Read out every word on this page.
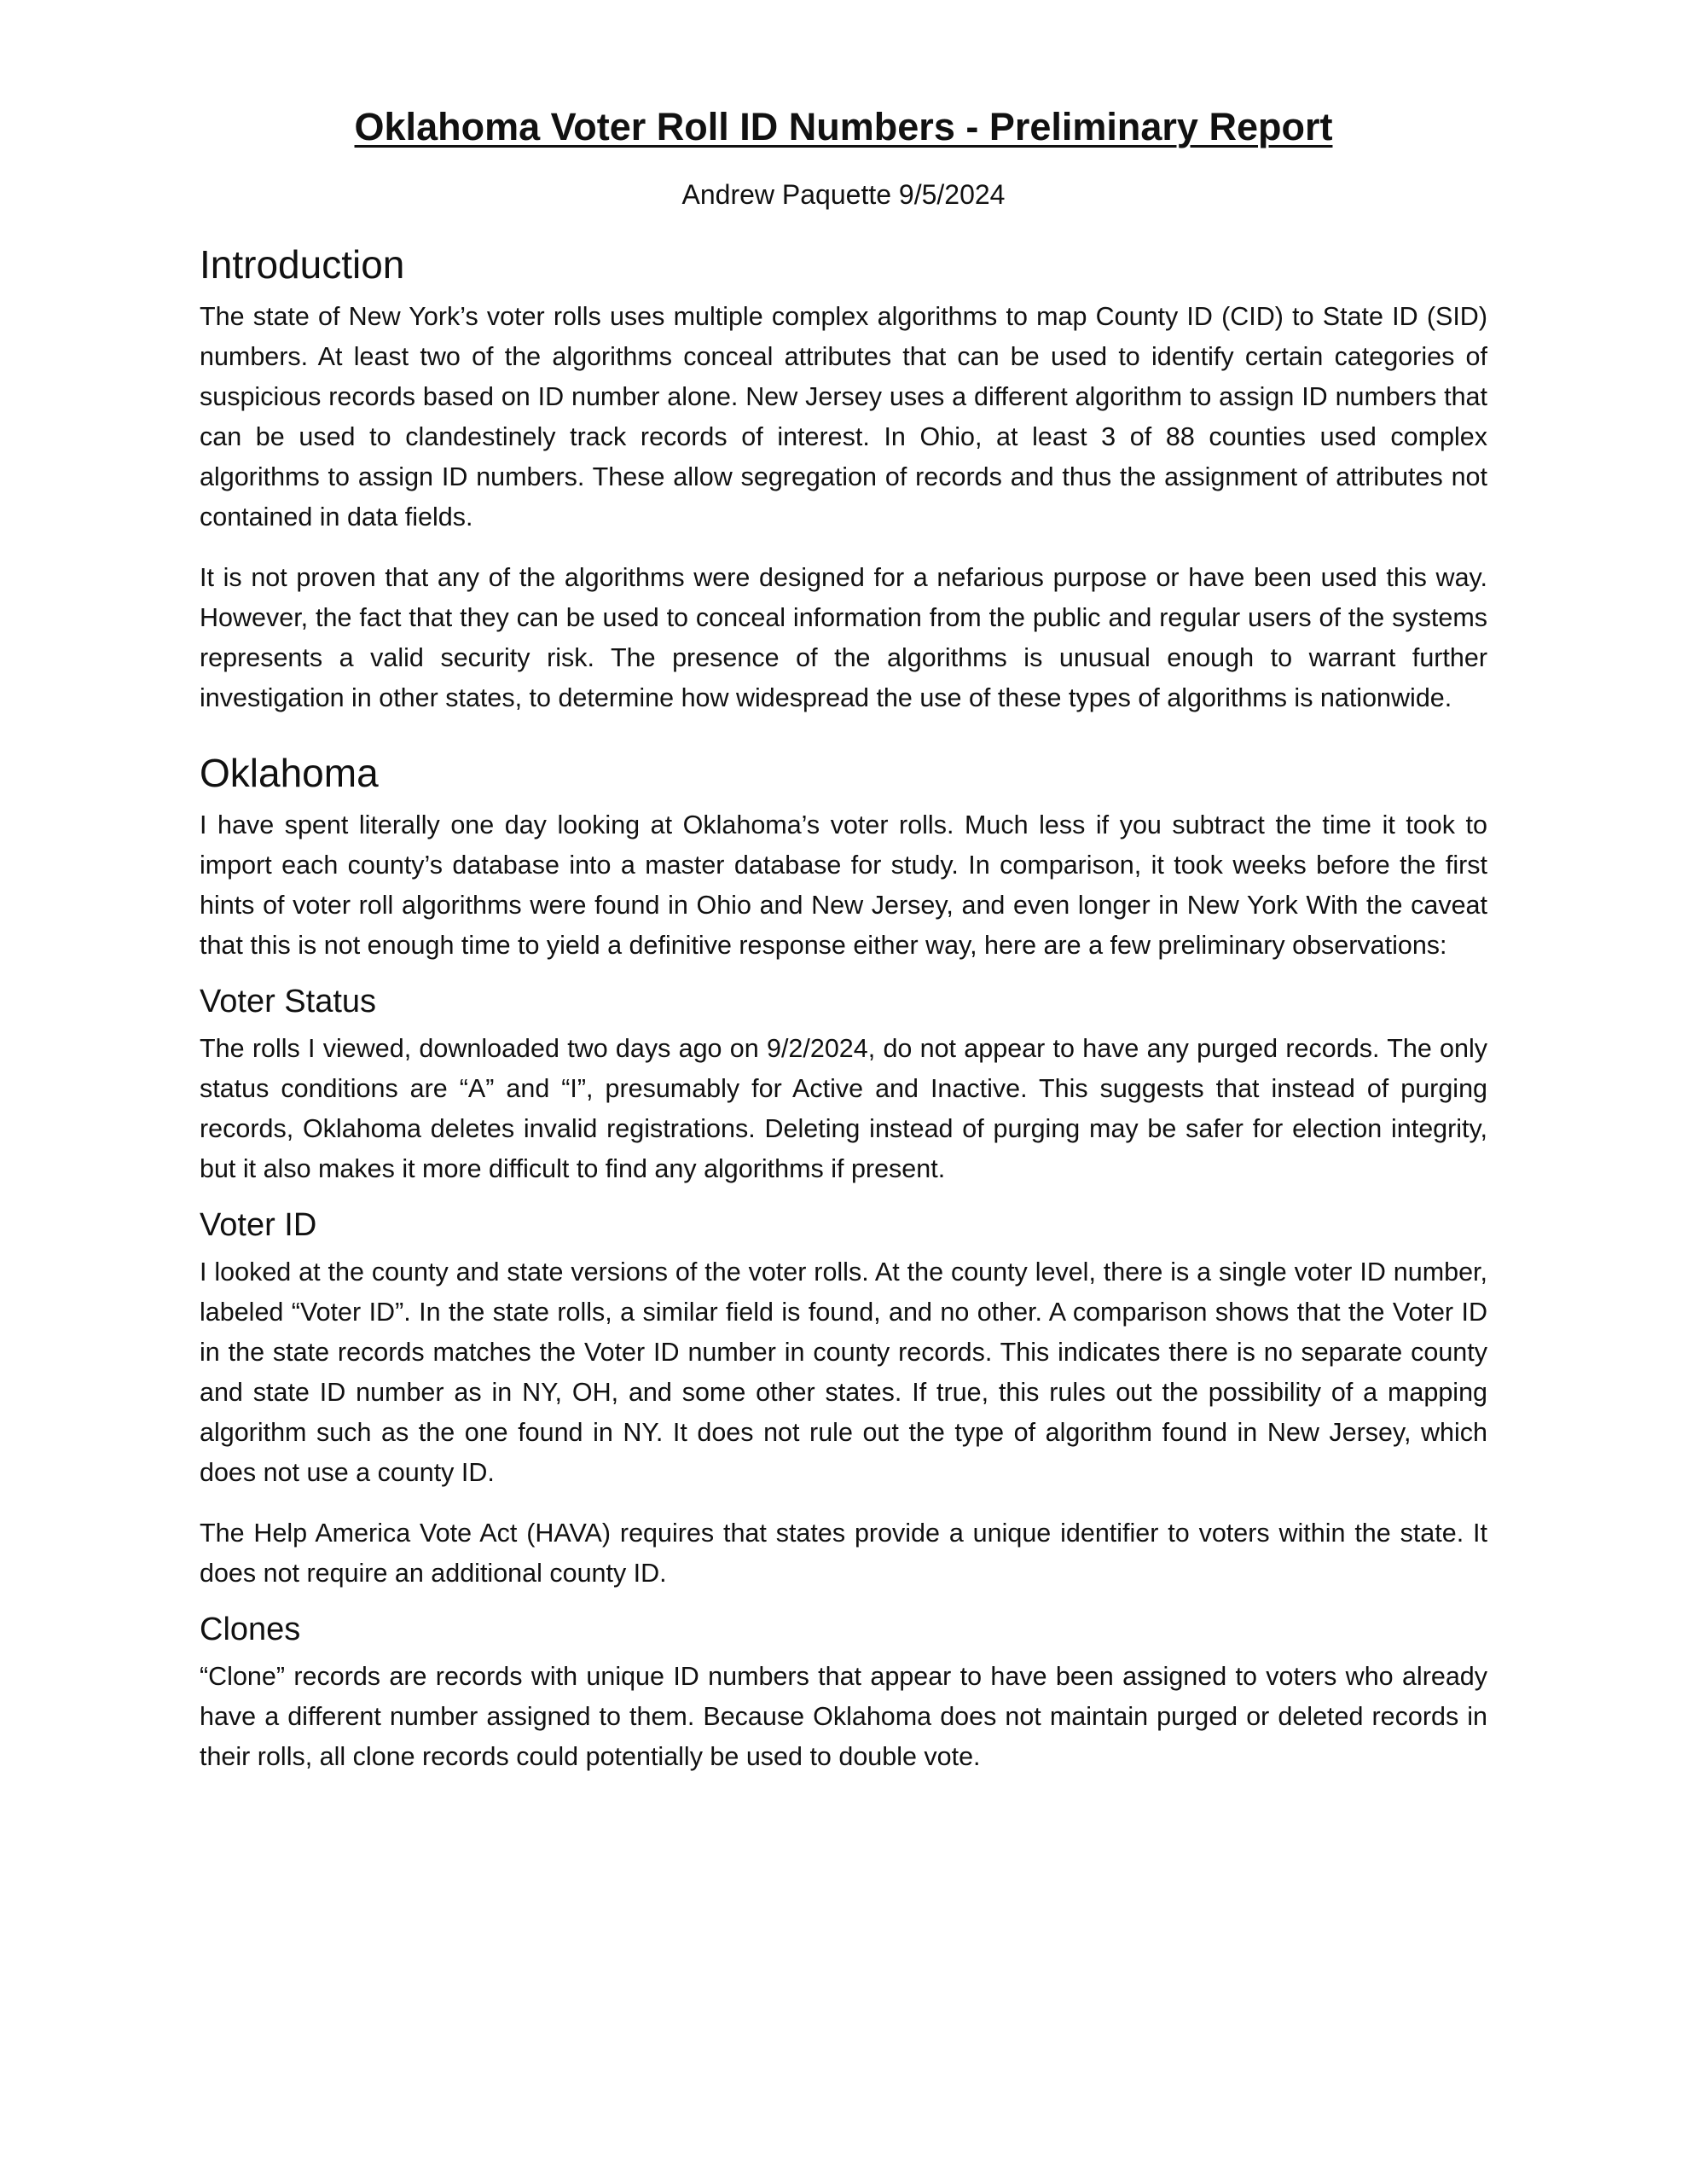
Oklahoma Voter Roll ID Numbers - Preliminary Report
Andrew Paquette 9/5/2024
Introduction

The state of New York’s voter rolls uses multiple complex algorithms to map County ID (CID) to State ID (SID) numbers. At least two of the algorithms conceal attributes that can be used to identify certain categories of suspicious records based on ID number alone. New Jersey uses a different algorithm to assign ID numbers that can be used to clandestinely track records of interest. In Ohio, at least 3 of 88 counties used complex algorithms to assign ID numbers. These allow segregation of records and thus the assignment of attributes not contained in data fields.

It is not proven that any of the algorithms were designed for a nefarious purpose or have been used this way. However, the fact that they can be used to conceal information from the public and regular users of the systems represents a valid security risk. The presence of the algorithms is unusual enough to warrant further investigation in other states, to determine how widespread the use of these types of algorithms is nationwide.

Oklahoma

I have spent literally one day looking at Oklahoma’s voter rolls. Much less if you subtract the time it took to import each county’s database into a master database for study. In comparison, it took weeks before the first hints of voter roll algorithms were found in Ohio and New Jersey, and even longer in New York With the caveat that this is not enough time to yield a definitive response either way, here are a few preliminary observations:

Voter Status

The rolls I viewed, downloaded two days ago on 9/2/2024, do not appear to have any purged records. The only status conditions are “A” and “I”, presumably for Active and Inactive. This suggests that instead of purging records, Oklahoma deletes invalid registrations. Deleting instead of purging may be safer for election integrity, but it also makes it more difficult to find any algorithms if present.

Voter ID

I looked at the county and state versions of the voter rolls. At the county level, there is a single voter ID number, labeled “Voter ID”. In the state rolls, a similar field is found, and no other. A comparison shows that the Voter ID in the state records matches the Voter ID number in county records. This indicates there is no separate county and state ID number as in NY, OH, and some other states. If true, this rules out the possibility of a mapping algorithm such as the one found in NY. It does not rule out the type of algorithm found in New Jersey, which does not use a county ID.

The Help America Vote Act (HAVA) requires that states provide a unique identifier to voters within the state. It does not require an additional county ID.

Clones

“Clone” records are records with unique ID numbers that appear to have been assigned to voters who already have a different number assigned to them. Because Oklahoma does not maintain purged or deleted records in their rolls, all clone records could potentially be used to double vote.
